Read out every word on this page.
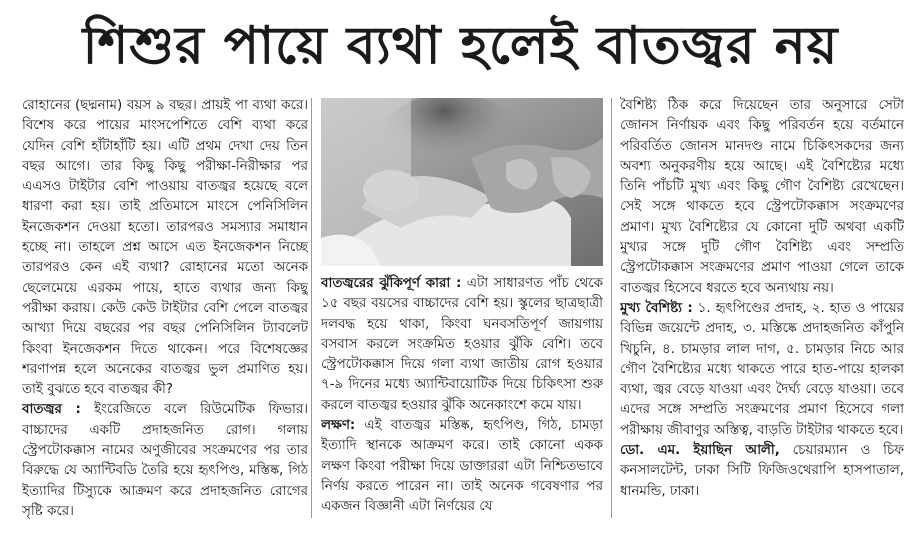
শিশুর পায়ে ব্যথা হলেই বাতজ্বর নয়

রোহানের (ছদ্মনাম) বয়স ৯ বছর। প্রায়ই পা ব্যথা করে। বিশেষ করে পায়ের মাংসপেশিতে বেশি ব্যথা করে যেদিন বেশি হাঁটাহাঁটি হয়। এটি প্রথম দেখা দেয় তিন বছর আগে। তার কিছু কিছু পরীক্ষা-নিরীক্ষার পর এএসও টাইটার বেশি পাওয়ায় বাতজ্বর হয়েছে বলে ধারণা করা হয়। তাই প্রতিমাসে মাংসে পেনিসিলিন ইনজেকশন দেওয়া হতো। তারপরও সমস্যার সমাধান হচ্ছে না। তাহলে প্রশ্ন আসে এত ইনজেকশন নিচ্ছে তারপরও কেন এই ব্যথা? রোহানের মতো অনেক ছেলেমেয়ে এরকম পায়ে, হাতে ব্যথার জন্য কিছু পরীক্ষা করায়। কেউ কেউ টাইটার বেশি পেলে বাতজ্বর আখ্যা দিয়ে বছরের পর বছর পেনিসিলিন ট্যাবলেট কিংবা ইনজেকশন দিতে থাকেন। পরে বিশেষজ্ঞের শরণাপন্ন হলে অনেকের বাতজ্বর ভুল প্রমাণিত হয়। তাই বুঝতে হবে বাতজ্বর কী?

বাতজ্বর : ইংরেজিতে বলে রিউমেটিক ফিভার। বাচ্চাদের একটি প্রদাহজনিত রোগ। গলায় স্ট্রেপটোকক্কাস নামের অণুজীবের সংক্রমণের পর তার বিরুদ্ধে যে অ্যান্টিবডি তৈরি হয়ে হৃৎপিণ্ড, মস্তিষ্ক, গিঠ ইত্যাদির টিস্যুকে আক্রমণ করে প্রদাহজনিত রোগের সৃষ্টি করে।

বাতজ্বরের ঝুঁকিপূর্ণ কারা : এটা সাধারণত পাঁচ থেকে ১৫ বছর বয়সের বাচ্চাদের বেশি হয়। স্কুলের ছাত্রছাত্রী দলবদ্ধ হয়ে থাকা, কিংবা ঘনবসতিপূর্ণ জায়গায় বসবাস করলে সংক্রমিত হওয়ার ঝুঁকি বেশি। তবে স্ট্রেপটোকক্কাস দিয়ে গলা ব্যথা জাতীয় রোগ হওয়ার ৭-৯ দিনের মধ্যে অ্যান্টিবায়োটিক দিয়ে চিকিৎসা শুরু করলে বাতজ্বর হওয়ার ঝুঁকি অনেকাংশে কমে যায়।

লক্ষণ: এই বাতজ্বর মস্তিষ্ক, হৃৎপিণ্ড, গিঠ, চামড়া ইত্যাদি স্থানকে আক্রমণ করে। তাই কোনো একক লক্ষণ কিংবা পরীক্ষা দিয়ে ডাক্তাররা এটা নিশ্চিতভাবে নির্ণয় করতে পারেন না। তাই অনেক গবেষণার পর একজন বিজ্ঞানী এটা নির্ণয়ের যে

বৈশিষ্ট্য ঠিক করে দিয়েছেন তার অনুসারে সেটা জোনস নির্ণায়ক এবং কিছু পরিবর্তন হয়ে বর্তমানে পরিবর্তিত জোনস মানদণ্ড নামে চিকিৎসকদের জন্য অবশ্য অনুকরণীয় হয়ে আছে। এই বৈশিষ্ট্যের মধ্যে তিনি পাঁচটি মুখ্য এবং কিছু গৌণ বৈশিষ্ট্য রেখেছেন। সেই সঙ্গে থাকতে হবে স্ট্রেপটোকক্কাস সংক্রমণের প্রমাণ। মুখ্য বৈশিষ্ট্যের যে কোনো দুটি অথবা একটি মুখ্যর সঙ্গে দুটি গৌণ বৈশিষ্ট্য এবং সম্প্রতি স্ট্রেপটোকক্কাস সংক্রমণের প্রমাণ পাওয়া গেলে তাকে বাতজ্বর হিসেবে ধরতে হবে অন্যথায় নয়।

মুখ্য বৈশিষ্ট্য : ১. হৃৎপিণ্ডের প্রদাহ, ২. হাত ও পায়ের বিভিন্ন জয়েন্টে প্রদাহ, ৩. মস্তিষ্কে প্রদাহজনিত কাঁপুনি খিচুনি, ৪. চামড়ার লাল দাগ, ৫. চামড়ার নিচে আর গৌণ বৈশিষ্ট্যের মধ্যে থাকতে পারে হাত-পায়ে হালকা ব্যথা, জ্বর বেড়ে যাওয়া এবং দৈর্ঘ্য বেড়ে যাওয়া। তবে এদের সঙ্গে সম্প্রতি সংক্রমণের প্রমাণ হিসেবে গলা পরীক্ষায় জীবাণুর অস্তিত্ব, বাড়তি টাইটার থাকতে হবে।

ডো. এম. ইয়াছিন আলী, চেয়ারম্যান ও চিফ কনসালটেন্ট, ঢাকা সিটি ফিজিওথেরাপি হাসপাতাল, ধানমন্ডি, ঢাকা।
